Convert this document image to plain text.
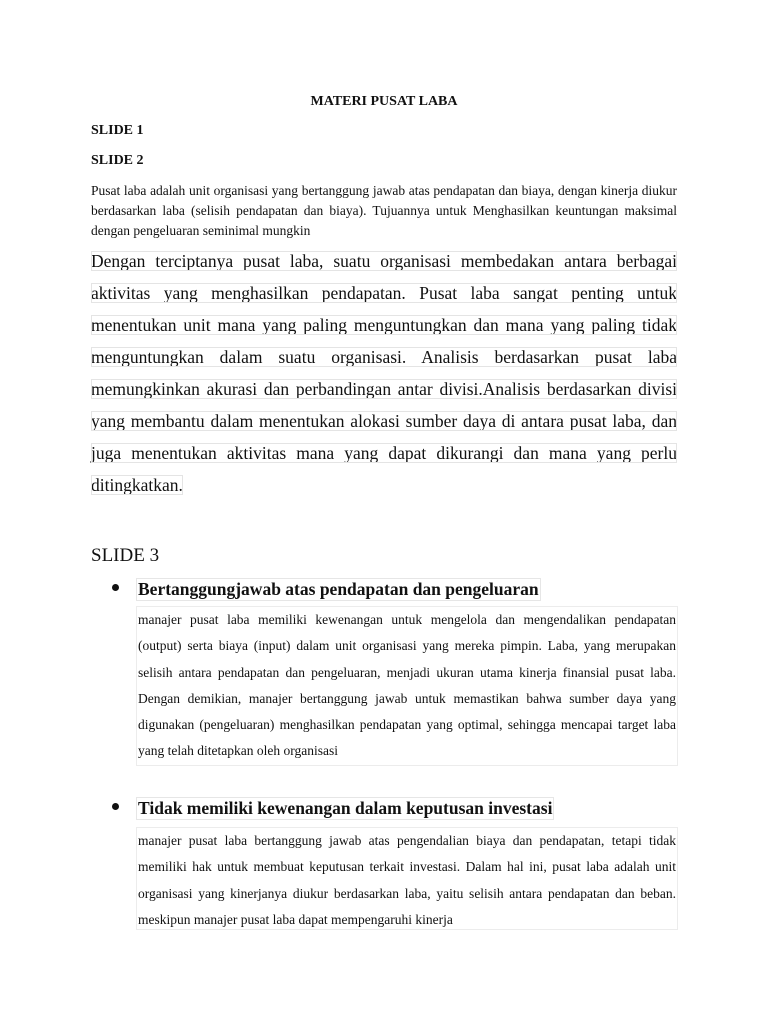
MATERI PUSAT LABA
SLIDE 1
SLIDE 2

Pusat laba adalah unit organisasi yang bertanggung jawab atas pendapatan dan biaya, dengan kinerja diukur berdasarkan laba (selisih pendapatan dan biaya). Tujuannya untuk Menghasilkan keuntungan maksimal dengan pengeluaran seminimal mungkin

Dengan terciptanya pusat laba, suatu organisasi membedakan antara berbagai aktivitas yang menghasilkan pendapatan. Pusat laba sangat penting untuk menentukan unit mana yang paling menguntungkan dan mana yang paling tidak menguntungkan dalam suatu organisasi. Analisis berdasarkan pusat laba memungkinkan akurasi dan perbandingan antar divisi.Analisis berdasarkan divisi yang membantu dalam menentukan alokasi sumber daya di antara pusat laba, dan juga menentukan aktivitas mana yang dapat dikurangi dan mana yang perlu ditingkatkan.

SLIDE 3
Bertanggungjawab atas pendapatan dan pengeluaran
manajer pusat laba memiliki kewenangan untuk mengelola dan mengendalikan pendapatan (output) serta biaya (input) dalam unit organisasi yang mereka pimpin. Laba, yang merupakan selisih antara pendapatan dan pengeluaran, menjadi ukuran utama kinerja finansial pusat laba. Dengan demikian, manajer bertanggung jawab untuk memastikan bahwa sumber daya yang digunakan (pengeluaran) menghasilkan pendapatan yang optimal, sehingga mencapai target laba yang telah ditetapkan oleh organisasi
Tidak memiliki kewenangan dalam keputusan investasi
manajer pusat laba bertanggung jawab atas pengendalian biaya dan pendapatan, tetapi tidak memiliki hak untuk membuat keputusan terkait investasi. Dalam hal ini, pusat laba adalah unit organisasi yang kinerjanya diukur berdasarkan laba, yaitu selisih antara pendapatan dan beban. meskipun manajer pusat laba dapat mempengaruhi kinerja
